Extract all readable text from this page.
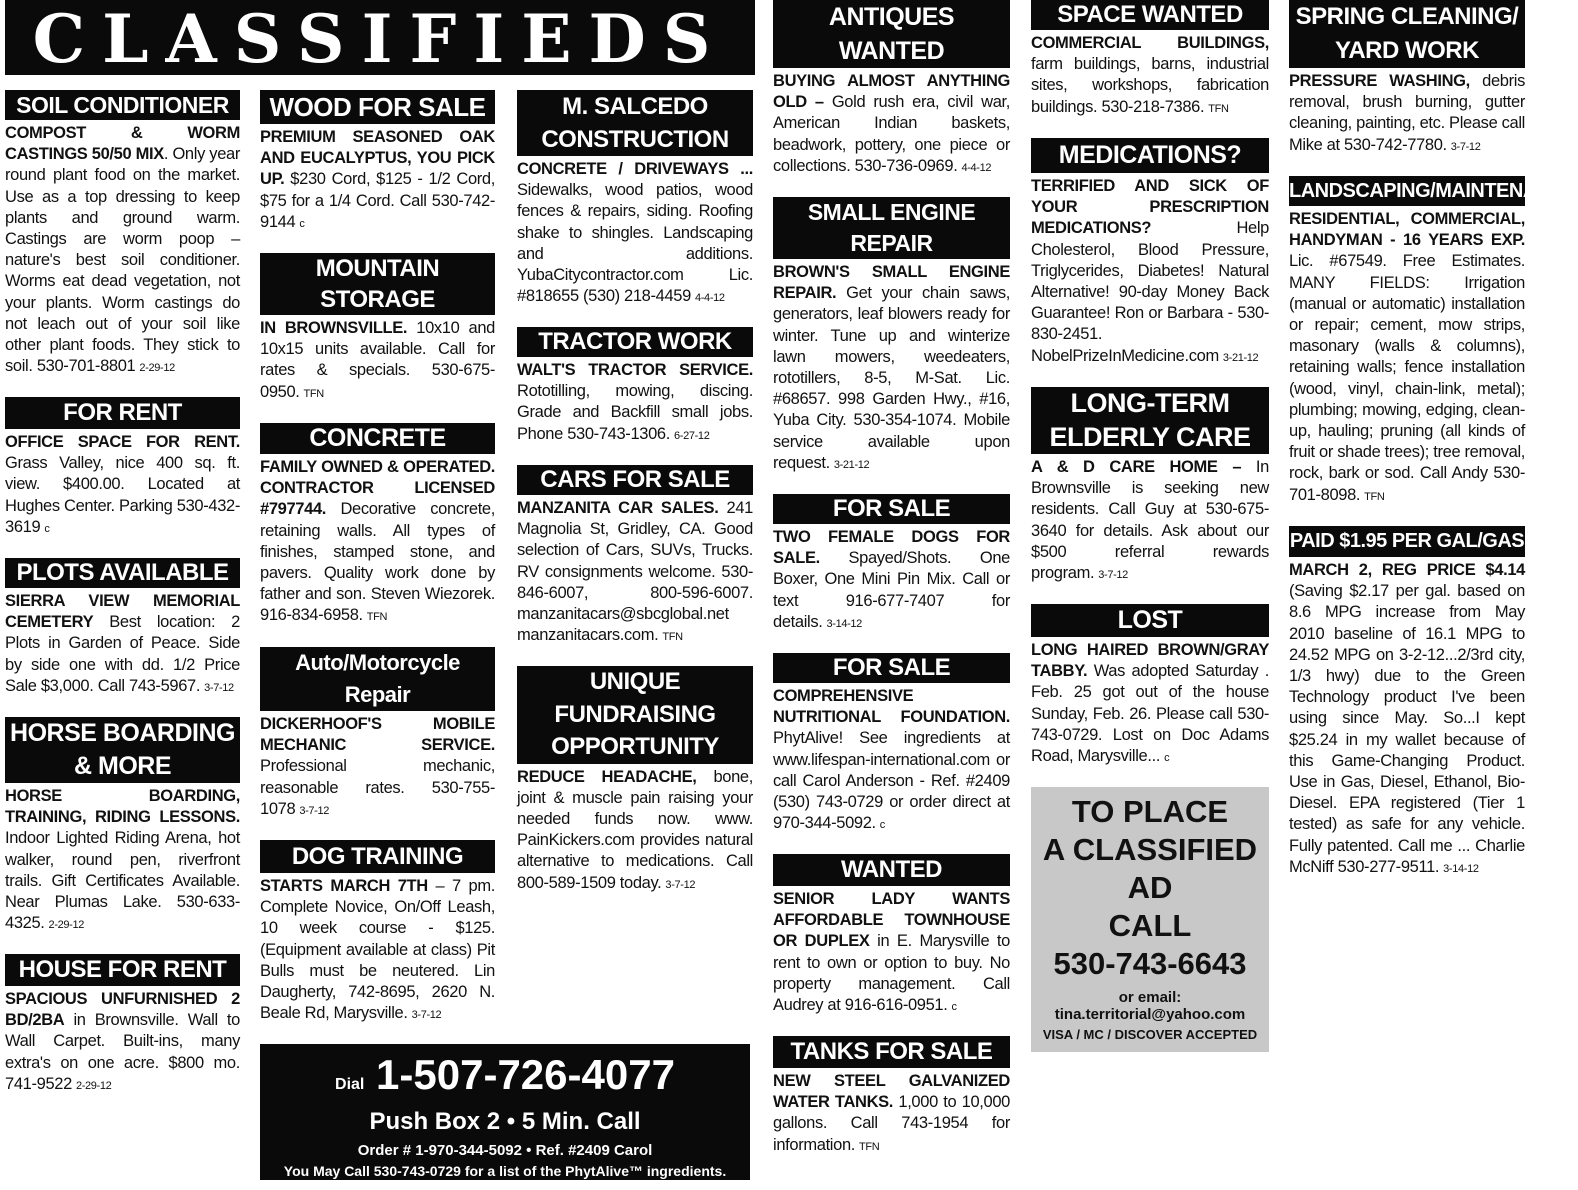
CLASSIFIEDS
SOIL CONDITIONER
COMPOST & WORM CASTINGS 50/50 MIX. Only year round plant food on the market. Use as a top dressing to keep plants and ground warm. Castings are worm poop – nature's best soil conditioner. Worms eat dead vegetation, not your plants. Worm castings do not leach out of your soil like other plant foods. They stick to soil. 530-701-8801 2-29-12
FOR RENT
OFFICE SPACE FOR RENT. Grass Valley, nice 400 sq. ft. view. $400.00. Located at Hughes Center. Parking 530-432-3619 c
PLOTS AVAILABLE
SIERRA VIEW MEMORIAL CEMETERY Best location: 2 Plots in Garden of Peace. Side by side one with dd. 1/2 Price Sale $3,000. Call 743-5967. 3-7-12
HORSE BOARDING
& MORE
HORSE BOARDING, TRAINING, RIDING LESSONS. Indoor Lighted Riding Arena, hot walker, round pen, riverfront trails. Gift Certificates Available. Near Plumas Lake. 530-633-4325. 2-29-12
HOUSE FOR RENT
SPACIOUS UNFURNISHED 2 BD/2BA in Brownsville. Wall to Wall Carpet. Built-ins, many extra's on one acre. $800 mo. 741-9522 2-29-12
WOOD FOR SALE
PREMIUM SEASONED OAK AND EUCALYPTUS, YOU PICK UP. $230 Cord, $125 - 1/2 Cord, $75 for a 1/4 Cord. Call 530-742-9144 c
MOUNTAIN STORAGE
IN BROWNSVILLE. 10x10 and 10x15 units available. Call for rates & specials. 530-675-0950. TFN
CONCRETE
FAMILY OWNED & OPERATED. CONTRACTOR LICENSED #797744. Decorative concrete, retaining walls. All types of finishes, stamped stone, and pavers. Quality work done by father and son. Steven Wiezorek. 916-834-6958. TFN
Auto/Motorcycle Repair
DICKERHOOF'S MOBILE MECHANIC SERVICE. Professional mechanic, reasonable rates. 530-755-1078 3-7-12
DOG TRAINING
STARTS MARCH 7TH – 7 pm. Complete Novice, On/Off Leash, 10 week course - $125. (Equipment available at class) Pit Bulls must be neutered. Lin Daugherty, 742-8695, 2620 N. Beale Rd, Marysville. 3-7-12
M. SALCEDO
CONSTRUCTION
CONCRETE / DRIVEWAYS ... Sidewalks, wood patios, wood fences & repairs, siding. Roofing shake to shingles. Landscaping and additions. YubaCitycontractor.com Lic. #818655 (530) 218-4459 4-4-12
TRACTOR WORK
WALT'S TRACTOR SERVICE. Rototilling, mowing, discing. Grade and Backfill small jobs. Phone 530-743-1306. 6-27-12
CARS FOR SALE
MANZANITA CAR SALES. 241 Magnolia St, Gridley, CA. Good selection of Cars, SUVs, Trucks. RV consignments welcome. 530-846-6007, 800-596-6007. manzanitacars@sbcglobal.net manzanitacars.com. TFN
UNIQUE FUNDRAISING
OPPORTUNITY
REDUCE HEADACHE, bone, joint & muscle pain raising your needed funds now. www. PainKickers.com provides natural alternative to medications. Call 800-589-1509 today. 3-7-12
ANTIQUES
WANTED
BUYING ALMOST ANYTHING OLD – Gold rush era, civil war, American Indian baskets, beadwork, pottery, one piece or collections. 530-736-0969. 4-4-12
SMALL ENGINE REPAIR
BROWN'S SMALL ENGINE REPAIR. Get your chain saws, generators, leaf blowers ready for winter. Tune up and winterize lawn mowers, weedeaters, rototillers, 8-5, M-Sat. Lic. #68657. 998 Garden Hwy., #16, Yuba City. 530-354-1074. Mobile service available upon request. 3-21-12
FOR SALE
TWO FEMALE DOGS FOR SALE. Spayed/Shots. One Boxer, One Mini Pin Mix. Call or text 916-677-7407 for details. 3-14-12
FOR SALE
COMPREHENSIVE NUTRITIONAL FOUNDATION. PhytAlive! See ingredients at www.lifespan-international.com or call Carol Anderson - Ref. #2409 (530) 743-0729 or order direct at 970-344-5092. c
WANTED
SENIOR LADY WANTS AFFORDABLE TOWNHOUSE OR DUPLEX in E. Marysville to rent to own or option to buy. No property management. Call Audrey at 916-616-0951. c
TANKS FOR SALE
NEW STEEL GALVANIZED WATER TANKS. 1,000 to 10,000 gallons. Call 743-1954 for information. TFN
SPACE WANTED
COMMERCIAL BUILDINGS, farm buildings, barns, industrial sites, workshops, fabrication buildings. 530-218-7386. TFN
MEDICATIONS?
TERRIFIED AND SICK OF YOUR PRESCRIPTION MEDICATIONS? Help Cholesterol, Blood Pressure, Triglycerides, Diabetes! Natural Alternative! 90-day Money Back Guarantee! Ron or Barbara - 530-830-2451. NobelPrizeInMedicine.com 3-21-12
LONG-TERM
ELDERLY CARE
A & D CARE HOME – In Brownsville is seeking new residents. Call Guy at 530-675-3640 for details. Ask about our $500 referral rewards program. 3-7-12
LOST
LONG HAIRED BROWN/GRAY TABBY. Was adopted Saturday . Feb. 25 got out of the house Sunday, Feb. 26. Please call 530-743-0729. Lost on Doc Adams Road, Marysville... c
SPRING CLEANING/
YARD WORK
PRESSURE WASHING, debris removal, brush burning, gutter cleaning, painting, etc. Please call Mike at 530-742-7780. 3-7-12
LANDSCAPING/MAINTENANCE
RESIDENTIAL, COMMERCIAL, HANDYMAN - 16 YEARS EXP. Lic. #67549. Free Estimates. MANY FIELDS: Irrigation (manual or automatic) installation or repair; cement, mow strips, masonary (walls & columns), retaining walls; fence installation (wood, vinyl, chain-link, metal); plumbing; mowing, edging, clean-up, hauling; pruning (all kinds of fruit or shade trees); tree removal, rock, bark or sod. Call Andy 530-701-8098. TFN
PAID $1.95 PER GAL/GAS
MARCH 2, REG PRICE $4.14 (Saving $2.17 per gal. based on 8.6 MPG increase from May 2010 baseline of 16.1 MPG to 24.52 MPG on 3-2-12...2/3rd city, 1/3 hwy) due to the Green Technology product I've been using since May. So...I kept $25.24 in my wallet because of this Game-Changing Product. Use in Gas, Diesel, Ethanol, Bio-Diesel. EPA registered (Tier 1 tested) as safe for any vehicle. Fully patented. Call me ... Charlie McNiff 530-277-9511. 3-14-12
Dial 1-507-726-4077
Push Box 2 • 5 Min. Call
Order # 1-970-344-5092 • Ref. #2409 Carol
You May Call 530-743-0729 for a list of the PhytAlive™ ingredients.
TO PLACE
A CLASSIFIED AD
CALL
530-743-6643
or email: tina.territorial@yahoo.com
VISA / MC / DISCOVER ACCEPTED
